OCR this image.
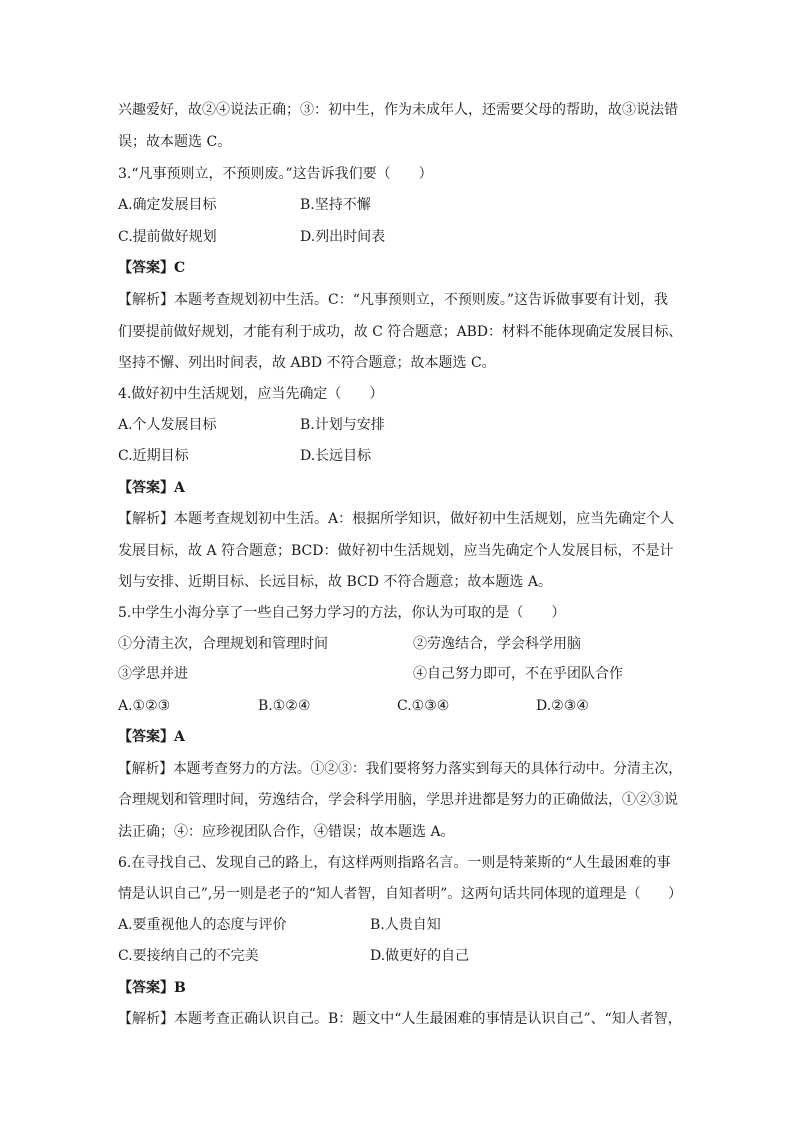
兴趣爱好，故②④说法正确；③：初中生，作为未成年人，还需要父母的帮助，故③说法错
误；故本题选 C。
3.“凡事预则立，不预则废。”这告诉我们要（　　）
A.确定发展目标	B.坚持不懈
C.提前做好规划	D.列出时间表
【答案】C
【解析】本题考查规划初中生活。C：“凡事预则立，不预则废。”这告诉做事要有计划，我
们要提前做好规划，才能有利于成功，故 C 符合题意；ABD：材料不能体现确定发展目标、
坚持不懈、列出时间表，故 ABD 不符合题意；故本题选 C。
4.做好初中生活规划，应当先确定（　　）
A.个人发展目标	B.计划与安排
C.近期目标	D.长远目标
【答案】A
【解析】本题考查规划初中生活。A：根据所学知识，做好初中生活规划，应当先确定个人
发展目标，故 A 符合题意；BCD：做好初中生活规划，应当先确定个人发展目标，不是计
划与安排、近期目标、长远目标，故 BCD 不符合题意；故本题选 A。
5.中学生小海分享了一些自己努力学习的方法，你认为可取的是（　　）
①分清主次，合理规划和管理时间	②劳逸结合，学会科学用脑
③学思并进	④自己努力即可，不在乎团队合作
A.①②③	B.①②④	C.①③④	D.②③④
【答案】A
【解析】本题考查努力的方法。①②③：我们要将努力落实到每天的具体行动中。分清主次，
合理规划和管理时间，劳逸结合，学会科学用脑，学思并进都是努力的正确做法，①②③说
法正确；④：应珍视团队合作，④错误；故本题选 A。
6.在寻找自己、发现自己的路上，有这样两则指路名言。一则是特莱斯的“人生最困难的事
情是认识自己”,另一则是老子的“知人者智，自知者明”。这两句话共同体现的道理是（　　）
A.要重视他人的态度与评价	B.人贵自知
C.要接纳自己的不完美	D.做更好的自己
【答案】B
【解析】本题考查正确认识自己。B：题文中“人生最困难的事情是认识自己”、“知人者智，
